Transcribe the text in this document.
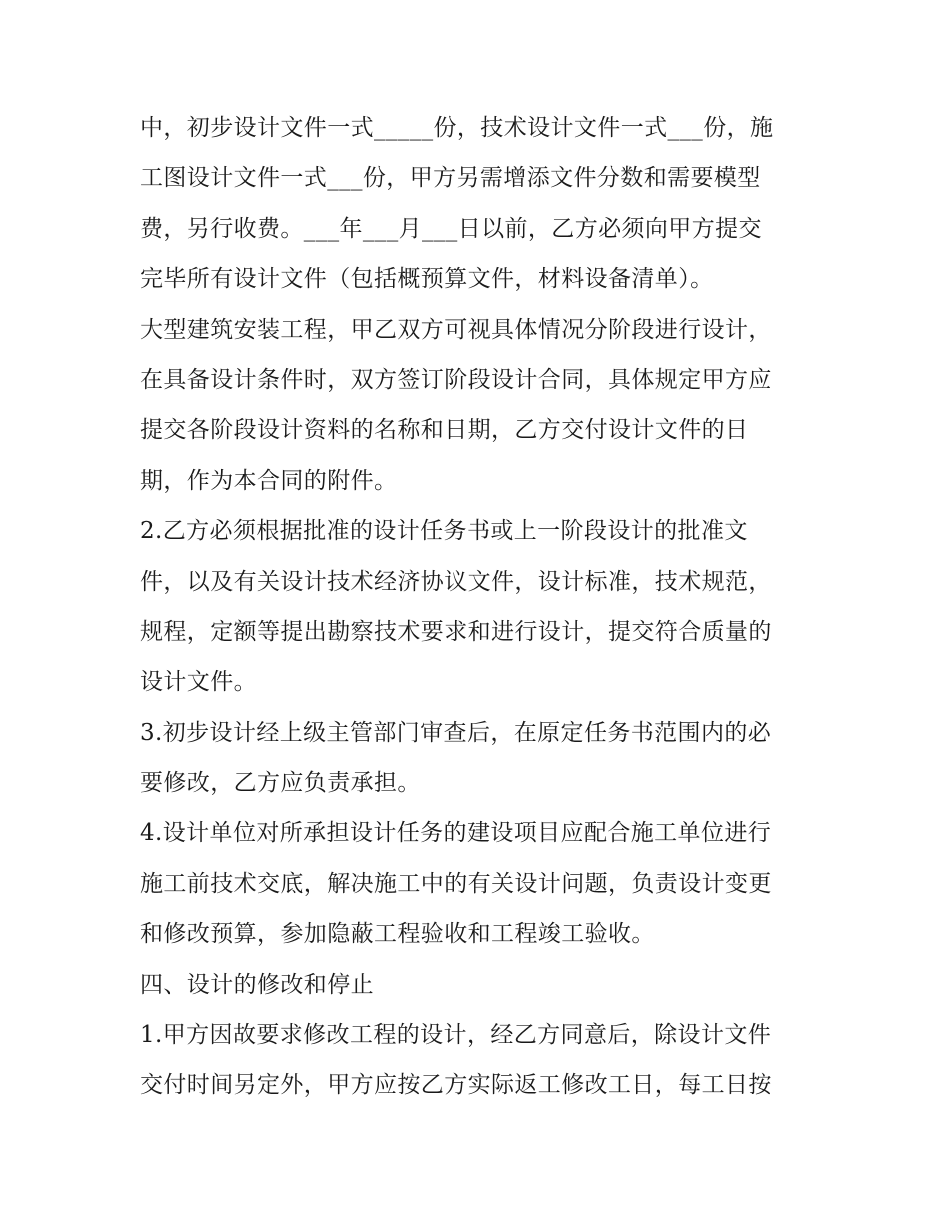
中，初步设计文件一式_____份，技术设计文件一式___份，施
工图设计文件一式___份，甲方另需增添文件分数和需要模型
费，另行收费。___年___月___日以前，乙方必须向甲方提交
完毕所有设计文件（包括概预算文件，材料设备清单）。
大型建筑安装工程，甲乙双方可视具体情况分阶段进行设计，
在具备设计条件时，双方签订阶段设计合同，具体规定甲方应
提交各阶段设计资料的名称和日期，乙方交付设计文件的日
期，作为本合同的附件。
2.乙方必须根据批准的设计任务书或上一阶段设计的批准文
件，以及有关设计技术经济协议文件，设计标准，技术规范，
规程，定额等提出勘察技术要求和进行设计，提交符合质量的
设计文件。
3.初步设计经上级主管部门审查后，在原定任务书范围内的必
要修改，乙方应负责承担。
4.设计单位对所承担设计任务的建设项目应配合施工单位进行
施工前技术交底，解决施工中的有关设计问题，负责设计变更
和修改预算，参加隐蔽工程验收和工程竣工验收。
四、设计的修改和停止
1.甲方因故要求修改工程的设计，经乙方同意后，除设计文件
交付时间另定外，甲方应按乙方实际返工修改工日，每工日按
